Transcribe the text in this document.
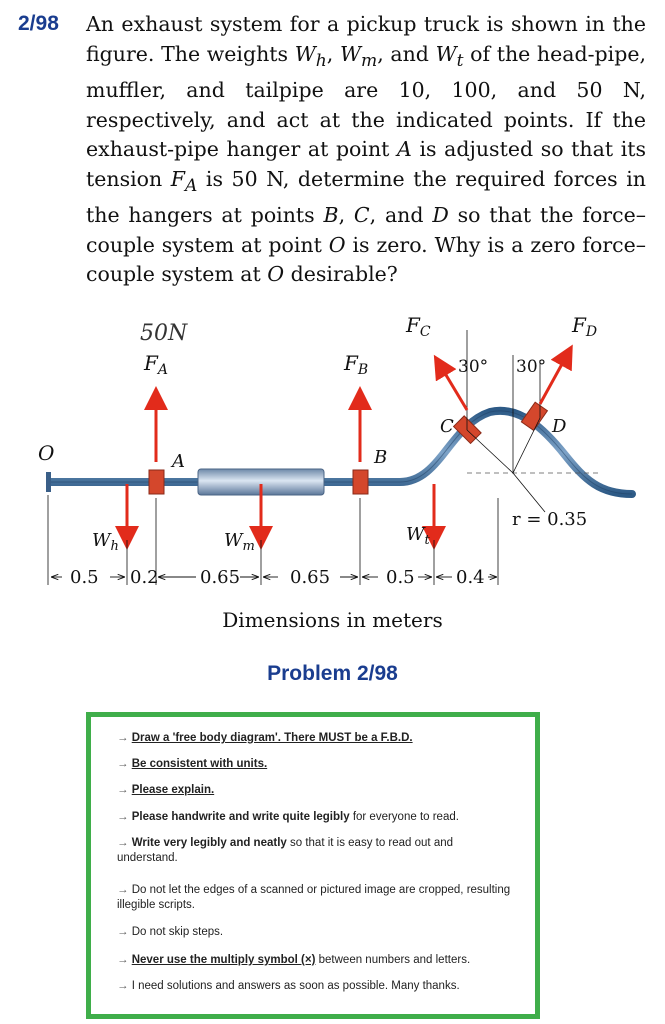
2/98 An exhaust system for a pickup truck is shown in the figure. The weights $W_h$, $W_m$, and $W_t$ of the head-pipe, muffler, and tailpipe are 10, 100, and 50 N, respectively, and act at the indicated points. If the exhaust-pipe hanger at point A is adjusted so that its tension $F_A$ is 50 N, determine the required forces in the hangers at points B, C, and D so that the force–couple system at point O is zero. Why is a zero force–couple system at O desirable?
50N
$F_A$	$F_B$
$F_C$	$F_D$
30° 30°
O	A	B
C	D
$W_h$	$W_m$
$W_t$
r = 0.35
0.5 0.2 0.65	0.65	0.5 0.4
Dimensions in meters
Problem 2/98
→ Draw a 'free body diagram'. There MUST be a F.B.D.
→ Be consistent with units.
→ Please explain.
→ Please handwrite and write quite legibly for everyone to read.
→ Write very legibly and neatly so that it is easy to read out and understand.
→ Do not let the edges of a scanned or pictured image are cropped, resulting illegible scripts.
→ Do not skip steps.
→ Never use the multiply symbol (×) between numbers and letters.
→ I need solutions and answers as soon as possible. Many thanks.
